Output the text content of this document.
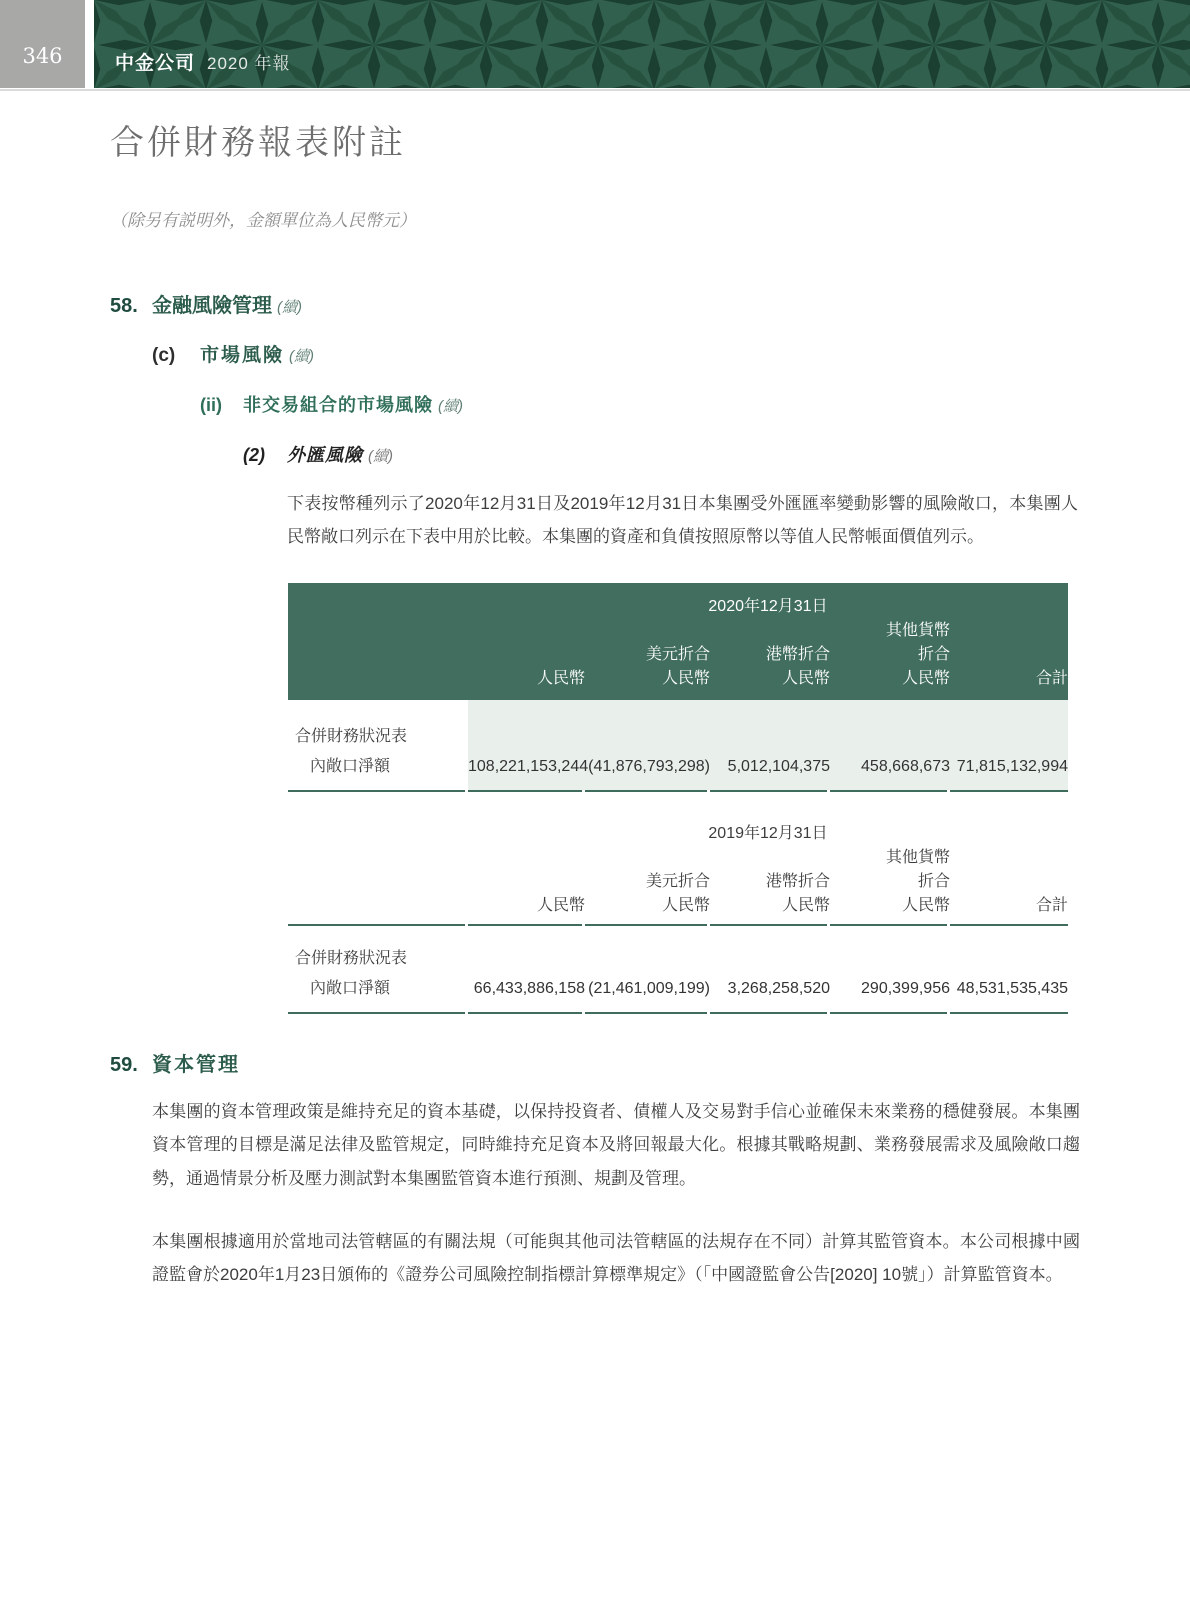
346	中金公司 2020 年報
合併財務報表附註
（除另有説明外，金額單位為人民幣元）
58. 金融風險管理 (續)
(c)	市場風險 (續)
(ii)	非交易組合的市場風險 (續)
(2)	外匯風險 (續)

下表按幣種列示了2020年12月31日及2019年12月31日本集團受外匯匯率變動影響的風險敞口，本集團人民幣敞口列示在下表中用於比較。本集團的資產和負債按照原幣以等值人民幣帳面價值列示。

2020年12月31日
其他貨幣
美元折合	港幣折合	折合
人民幣	人民幣	人民幣	人民幣	合計
合併財務狀況表
內敞口淨額	108,221,153,244 (41,876,793,298)	5,012,104,375	458,668,673 71,815,132,994
2019年12月31日
其他貨幣
美元折合	港幣折合	折合
人民幣	人民幣	人民幣	人民幣	合計
合併財務狀況表
內敞口淨額	66,433,886,158 (21,461,009,199)	3,268,258,520	290,399,956 48,531,535,435
59. 資本管理

本集團的資本管理政策是維持充足的資本基礎，以保持投資者、債權人及交易對手信心並確保未來業務的穩健發展。本集團資本管理的目標是滿足法律及監管規定，同時維持充足資本及將回報最大化。根據其戰略規劃、業務發展需求及風險敞口趨勢，通過情景分析及壓力測試對本集團監管資本進行預測、規劃及管理。

本集團根據適用於當地司法管轄區的有關法規（可能與其他司法管轄區的法規存在不同）計算其監管資本。本公司根據中國證監會於2020年1月23日頒佈的《證券公司風險控制指標計算標準規定》（「中國證監會公告[2020] 10號」）計算監管資本。
